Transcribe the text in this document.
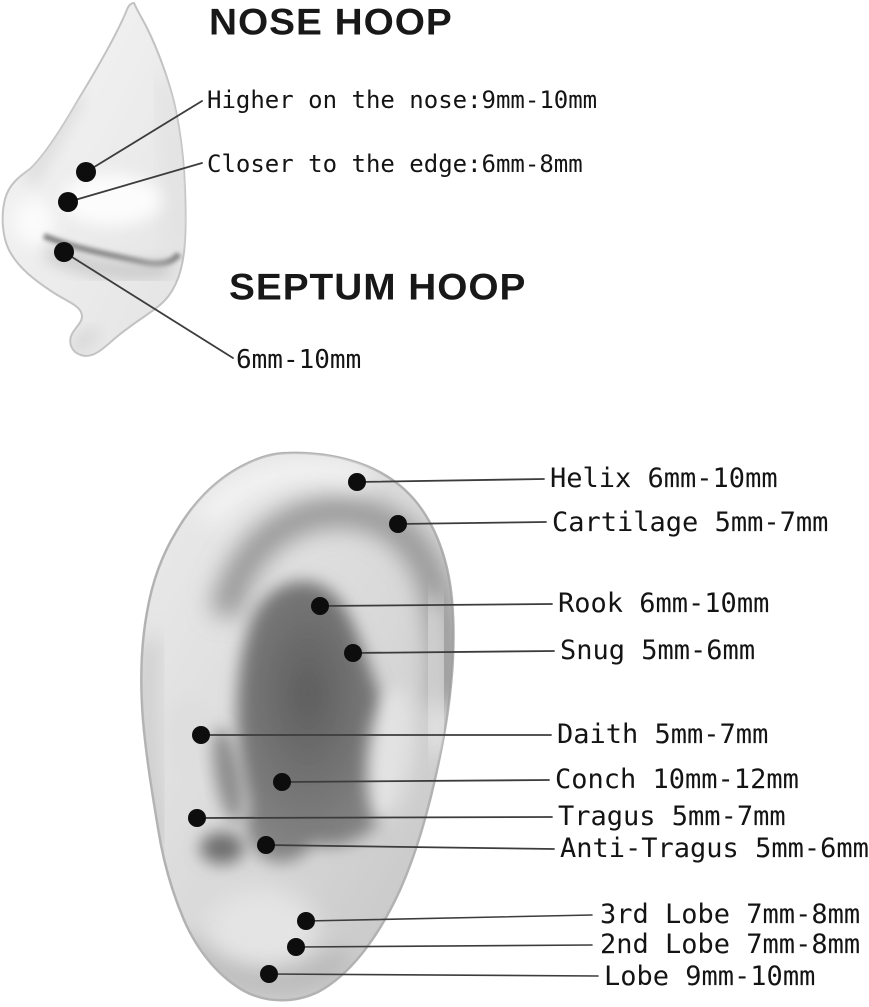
NOSE HOOP
Higher on the nose:9mm-10mm
Closer to the edge:6mm-8mm
SEPTUM HOOP
6mm-10mm
Helix 6mm-10mm
Cartilage 5mm-7mm
Rook 6mm-10mm
Snug 5mm-6mm
Daith 5mm-7mm
Conch 10mm-12mm
Tragus 5mm-7mm
Anti-Tragus 5mm-6mm
3rd Lobe 7mm-8mm
2nd Lobe 7mm-8mm
Lobe 9mm-10mm
